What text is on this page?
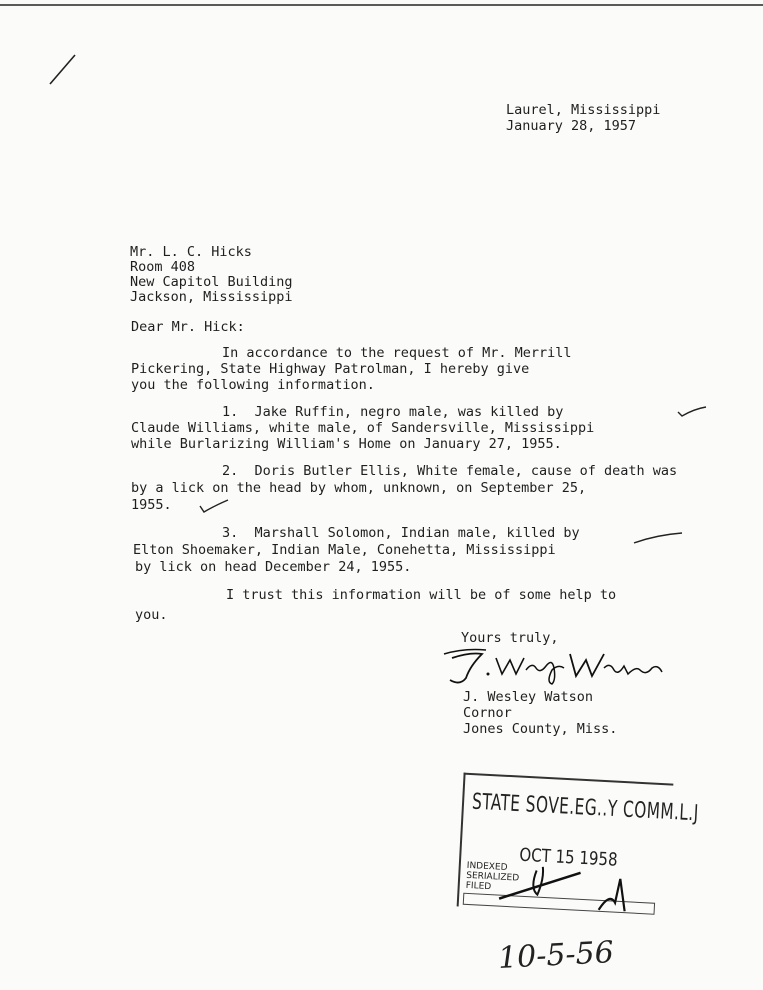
Laurel, Mississippi
January 28, 1957
Mr. L. C. Hicks
Room 408
New Capitol Building
Jackson, Mississippi
Dear Mr. Hick:
In accordance to the request of Mr. Merrill
Pickering, State Highway Patrolman, I hereby give
you the following information.
1.  Jake Ruffin, negro male, was killed by
Claude Williams, white male, of Sandersville, Mississippi
while Burlarizing William's Home on January 27, 1955.
2.  Doris Butler Ellis, White female, cause of death was
by a lick on the head by whom, unknown, on September 25,
1955.
3.  Marshall Solomon, Indian male, killed by
Elton Shoemaker, Indian Male, Conehetta, Mississippi
by lick on head December 24, 1955.
I trust this information will be of some help to
you.
Yours truly,
J. Wesley Watson
J. Wesley Watson
Cornor
Jones County, Miss.
STATE SOVE.EG..Y COMM.L.J
OCT 15 1958
INDEXED
SERIALIZED
FILED
10-5-56
